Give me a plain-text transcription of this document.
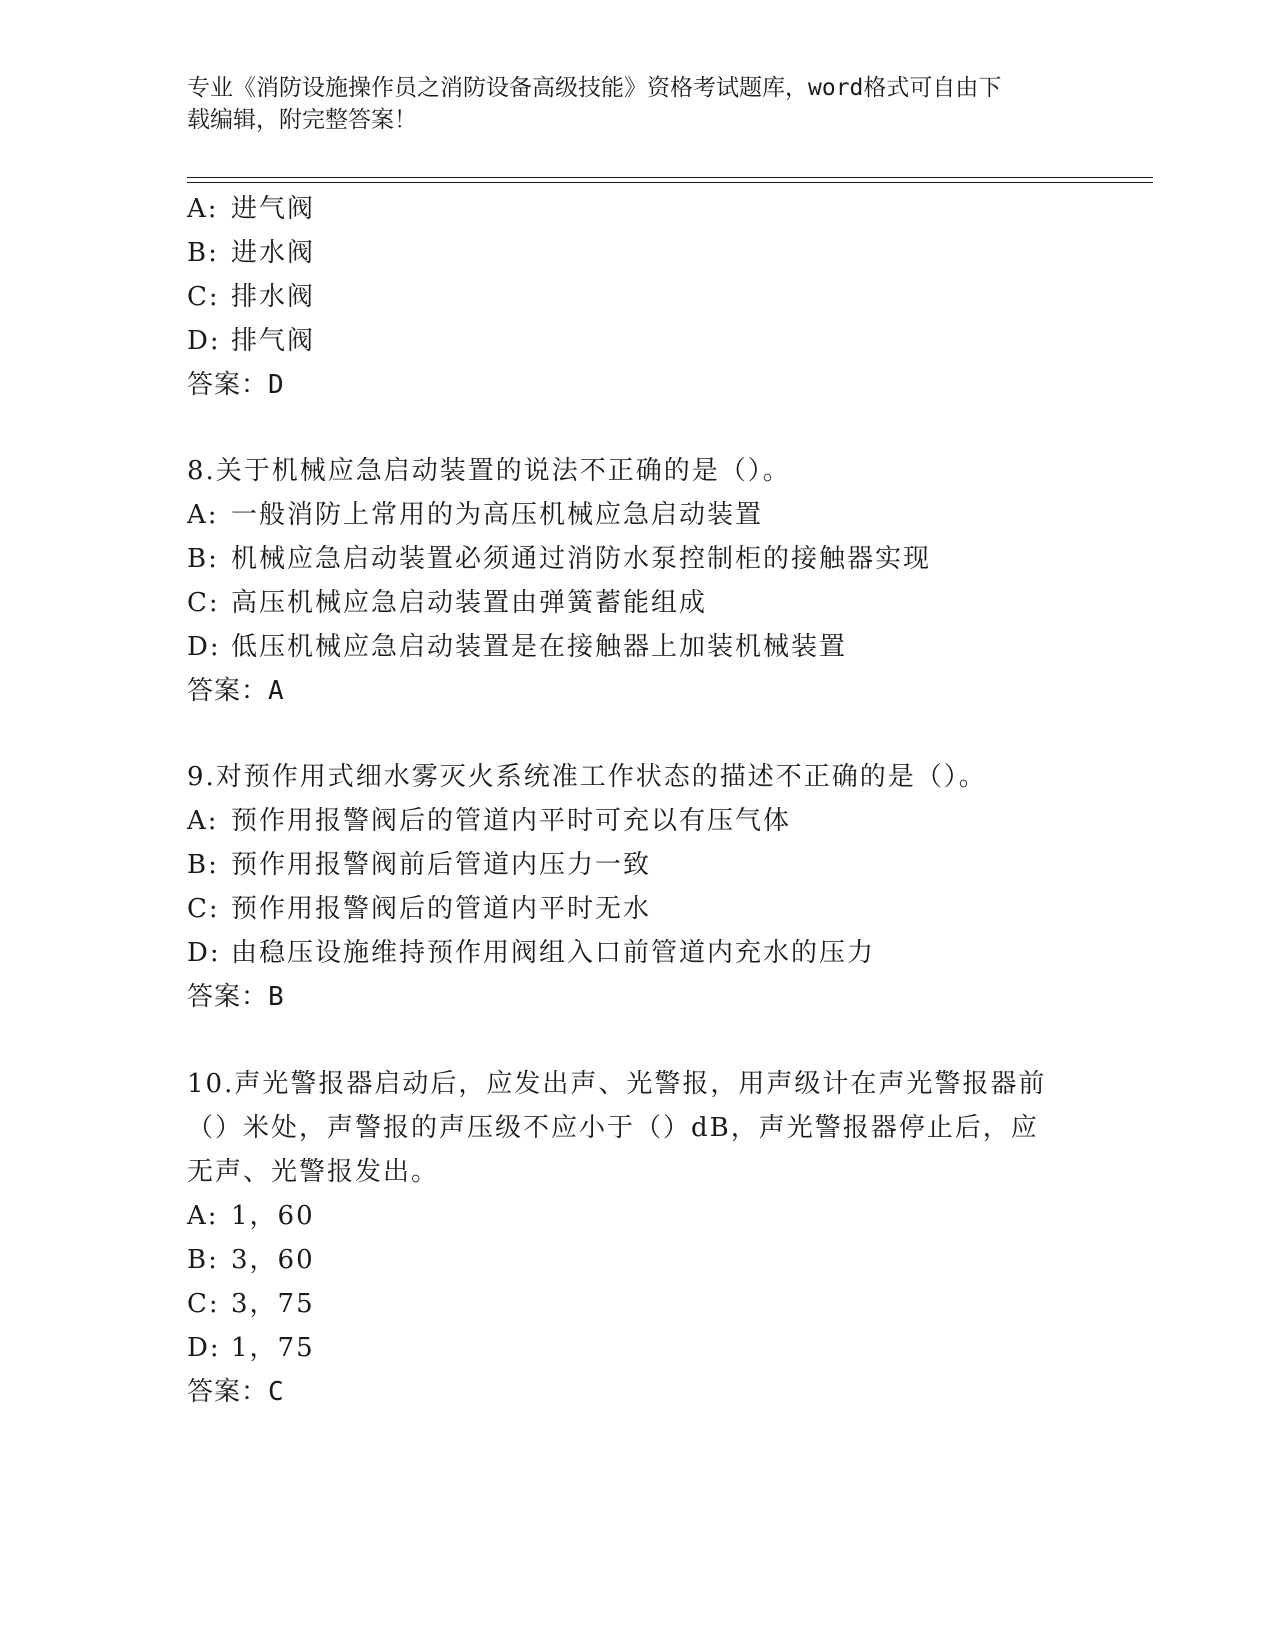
专业《消防设施操作员之消防设备高级技能》资格考试题库，word格式可自由下
载编辑，附完整答案！
A: 进气阀
B: 进水阀
C: 排水阀
D: 排气阀
答案：D
8.关于机械应急启动装置的说法不正确的是（）。
A: 一般消防上常用的为高压机械应急启动装置
B: 机械应急启动装置必须通过消防水泵控制柜的接触器实现
C: 高压机械应急启动装置由弹簧蓄能组成
D: 低压机械应急启动装置是在接触器上加装机械装置
答案：A
9.对预作用式细水雾灭火系统准工作状态的描述不正确的是（）。
A: 预作用报警阀后的管道内平时可充以有压气体
B: 预作用报警阀前后管道内压力一致
C: 预作用报警阀后的管道内平时无水
D: 由稳压设施维持预作用阀组入口前管道内充水的压力
答案：B
10.声光警报器启动后，应发出声、光警报，用声级计在声光警报器前
（）米处，声警报的声压级不应小于（）dB，声光警报器停止后，应
无声、光警报发出。
A: 1，60
B: 3，60
C: 3，75
D: 1，75
答案：C
